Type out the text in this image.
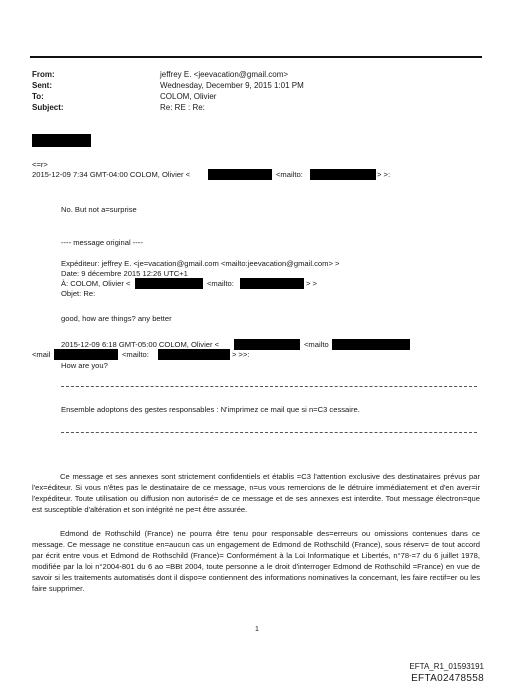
From:	jeffrey E. <jeevacation@gmail.com>
Sent:	Wednesday, December 9, 2015 1:01 PM
To:	COLOM, Olivier
Subject:	Re: RE : Re:
<=r>
2015-12-09 7:34 GMT-04:00 COLOM, Olivier <	<mailto:	> >:
No. But not a=surprise
---- message original ----
Expéditeur: jeffrey E. <je=vacation@gmail.com <mailto:jeevacation@gmail.com> >
Date: 9 décembre 2015 12:26 UTC+1
À: COLOM, Olivier <	<mailto:	> >
Objet: Re:
good, how are things? any better
2015-12-09 6:18 GMT-05:00 COLOM, Olivier <	<mailto
<mail	<mailto:	> >>:
How are you?
Ensemble adoptons des gestes responsables : N'imprimez ce mail que si n=C3 cessaire.
Ce message et ses annexes sont strictement confidentiels et établis =C3 l'attention exclusive des destinataires prévus par l'ex=éditeur. Si vous n'êtes pas le destinataire de ce message, n=us vous remercions de le détruire immédiatement et d'en aver=ir l'expéditeur. Toute utilisation ou diffusion non autorisé= de ce message et de ses annexes est interdite. Tout message électron=que est susceptible d'altération et son intégrité ne pe=t être assurée.
Edmond de Rothschild (France) ne pourra être tenu pour responsable des=erreurs ou omissions contenues dans ce message. Ce message ne constitue en=aucun cas un engagement de Edmond de Rothschild (France), sous réserv= de tout accord par écrit entre vous et Edmond de Rothschild (France)= Conformément à la Loi Informatique et Libertés, n°78-=7 du 6 juillet 1978, modifiée par la loi n°2004-801 du 6 ao =BBt 2004, toute personne a le droit d'interroger Edmond de Rothschild =France) en vue de savoir si les traitements automatisés dont il dispo=e contiennent des informations nominatives la concernant, les faire rectif=er ou les faire supprimer.
1
EFTA_R1_01593191
EFTA02478558
